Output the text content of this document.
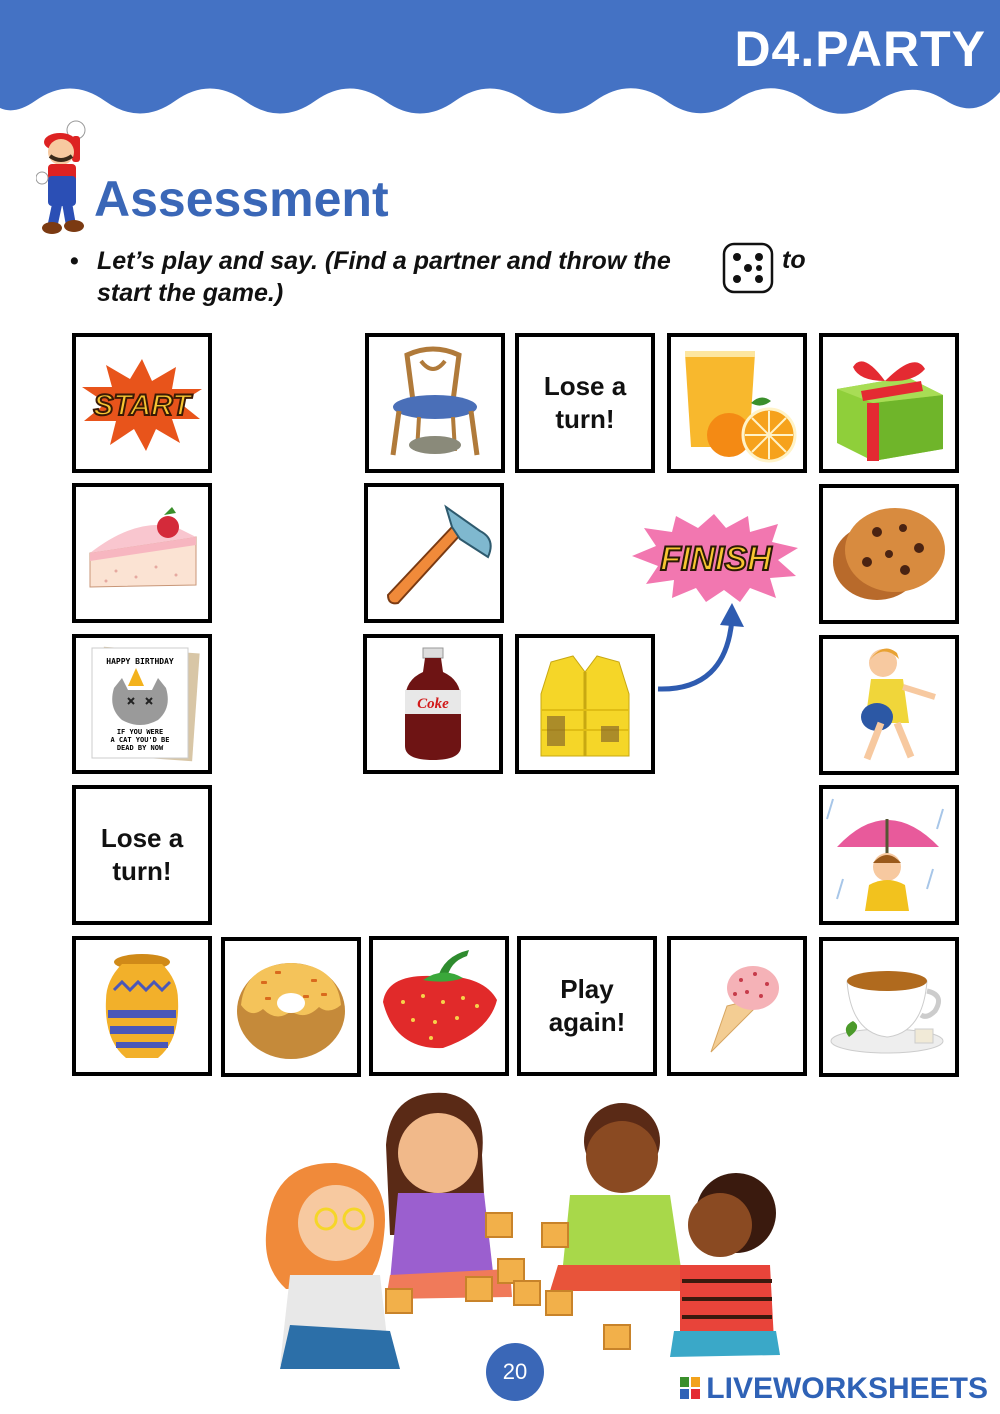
D4.PARTY
Assessment
• Let’s play and say. (Find a partner and throw the
start the game.)
to
START
HAPPY BIRTHDAY
IF YOU WERE
A CAT YOU'D BE
DEAD BY NOW
Lose a
turn!
Play
again!
Lose a
turn!
Coke
FINISH
20
LIVEWORKSHEETS
